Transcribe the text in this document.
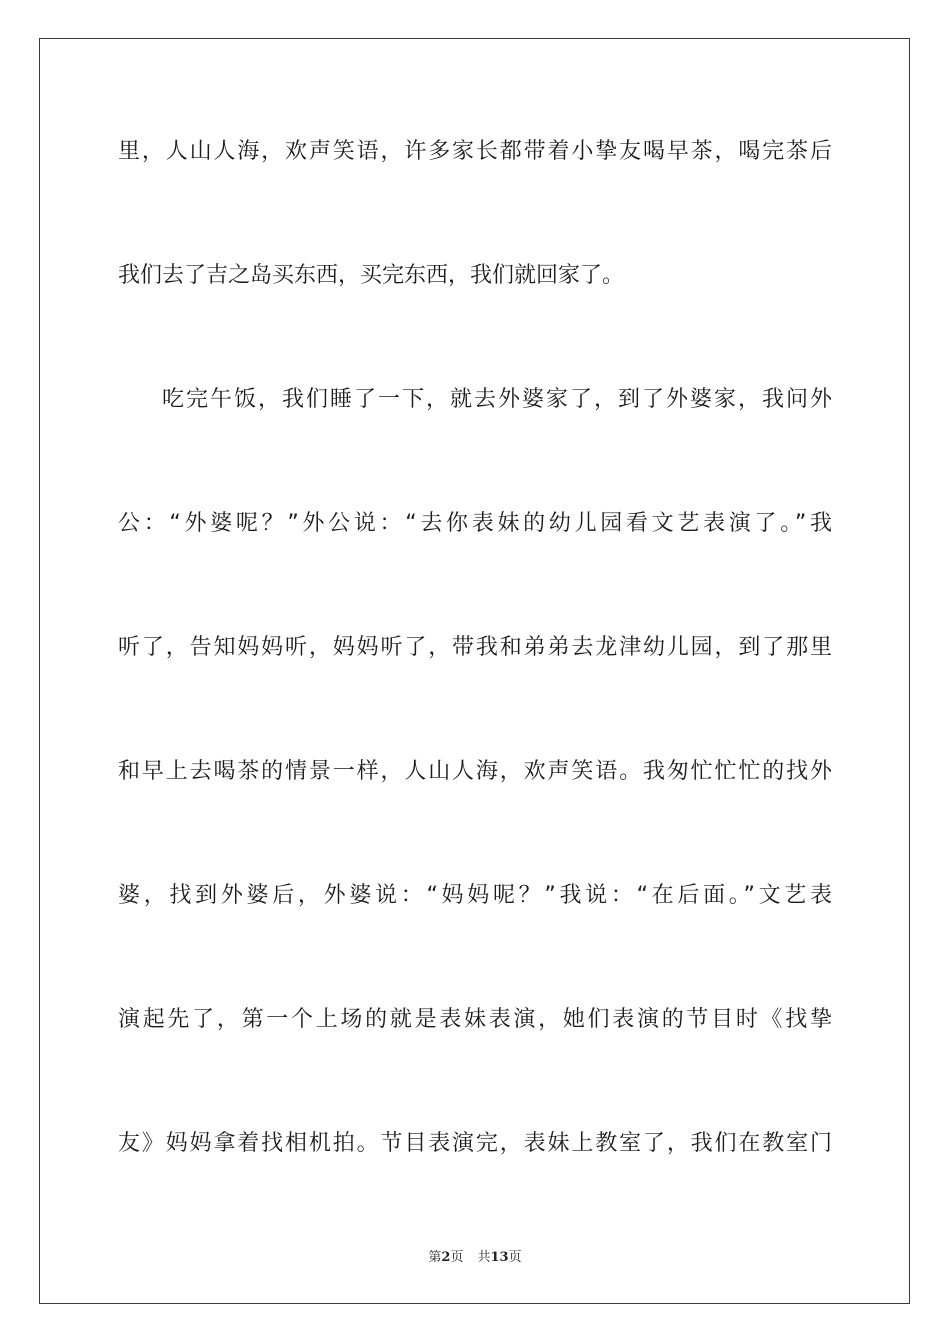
里，人山人海，欢声笑语，许多家长都带着小挚友喝早茶，喝完茶后
我们去了吉之岛买东西，买完东西，我们就回家了。
吃完午饭，我们睡了一下，就去外婆家了，到了外婆家，我问外
公：“外婆呢？”外公说：“去你表妹的幼儿园看文艺表演了。”我
听了，告知妈妈听，妈妈听了，带我和弟弟去龙津幼儿园，到了那里
和早上去喝茶的情景一样，人山人海，欢声笑语。我匆忙忙忙的找外
婆，找到外婆后，外婆说：“妈妈呢？”我说：“在后面。”文艺表
演起先了，第一个上场的就是表妹表演，她们表演的节目时《找挚
友》妈妈拿着找相机拍。节目表演完，表妹上教室了，我们在教室门
第2页 共13页
